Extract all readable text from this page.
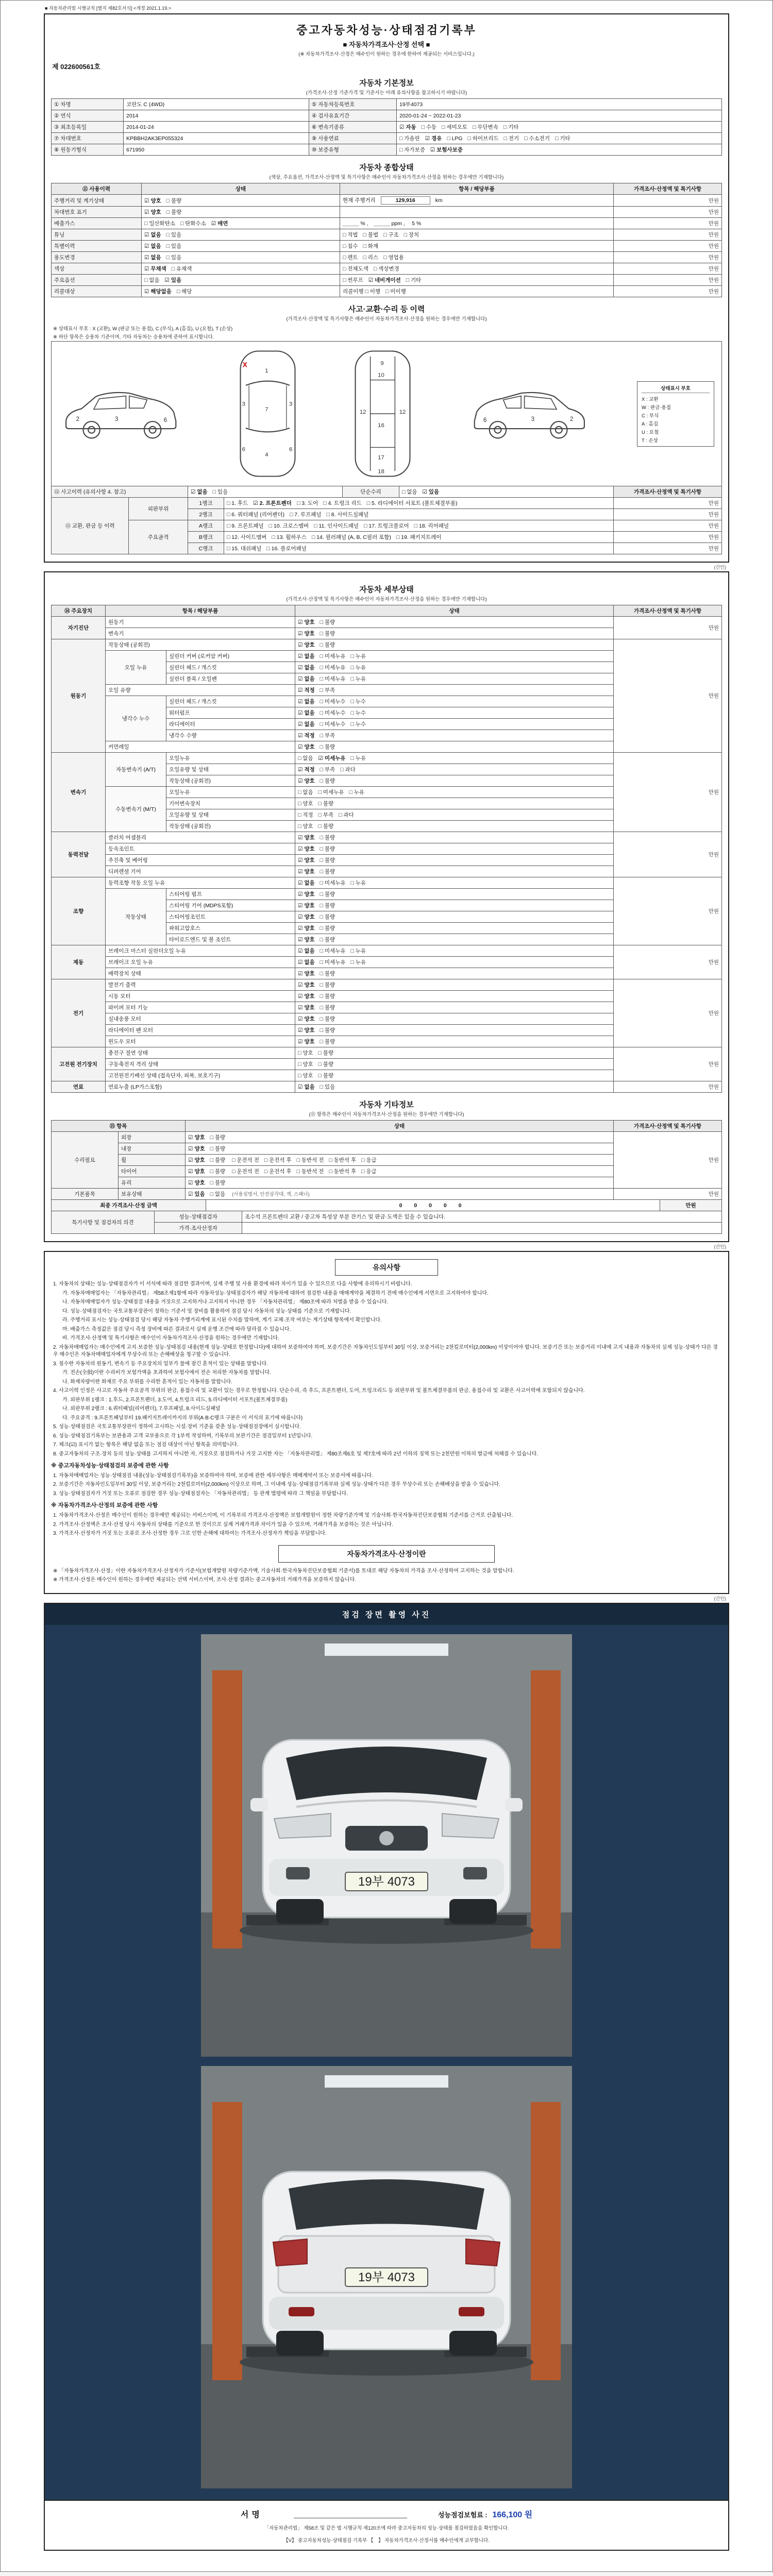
■ 자동차관리법 시행규칙 [별지 제82호서식] <개정 2021.1.19.>
중고자동차성능·상태점검기록부
■ 자동차가격조사·산정 선택 ■
(※ 자동차가격조사·산정은 매수인이 원하는 경우에 한하여 제공되는 서비스입니다.)
제 022600561호
자동차 기본정보
(가격조사·산정 기준가격 및 기준서는 아래 유의사항을 참고하시기 바랍니다)
① 차명	코란도 C (4WD)	⑤ 자동차등록번호	19부4073
② 연식	2014	④ 검사유효기간	2020-01-24 ~ 2022-01-23
③ 최초등록일	2014-01-24	⑥ 변속기종류	☑ 자동 □ 수동 □ 세미오토 □ 무단변속 □ 기타
⑦ 차대번호	KPBBH2AK3EP055324	⑨ 사용연료	□ 가솔린 ☑ 경유 □ LPG □ 하이브리드 □ 전기 □ 수소전기 □ 기타
⑧ 원동기형식	671950	⑩ 보증유형	□ 자가보증 ☑ 보험사보증
자동차 종합상태
(색상, 주요옵션, 가격조사·산정액 및 특기사항은 매수인이 자동차가격조사·산정을 원하는 경우에만 기재합니다)
⑪ 사용이력	상태	항목 / 해당부품	가격조사·산정액 및 특기사항
주행거리 및 계기상태	☑ 양호 □ 불량	현재 주행거리 129,916 km	만원
차대번호 표기	☑ 양호 □ 불량		만원
배출가스	□ 일산화탄소 □ 탄화수소 ☑ 매연	＿＿＿ % ,　＿＿＿ ppm ,　 5 %	만원
튜닝	☑ 없음 □ 있음	□ 적법 □ 불법 □ 구조 □ 장치	만원
특별이력	☑ 없음 □ 있음	□ 침수 □ 화재	만원
용도변경	☑ 없음 □ 있음	□ 렌트 □ 리스 □ 영업용	만원
색상	☑ 무채색 □ 유채색	□ 전체도색 □ 색상변경	만원
주요옵션	□ 없음 ☑ 있음	□ 썬루프 ☑ 네비게이션 □ 기타	만원
리콜대상	☑ 해당없음 □ 해당	리콜이행 □ 이행 □ 미이행	만원
사고·교환·수리 등 이력
(가격조사·산정액 및 특기사항은 매수인이 자동차가격조사·산정을 원하는 경우에만 기재합니다)
※ 상태표시 부호 : X (교환), W (판금 또는 용접), C (부식), A (흠집), U (요철), T (손상)
※ 하단 항목은 승용차 기준이며, 기타 자동차는 승용차에 준하여 표시합니다.
2	3	6
1
7
4
3	3
6	6
X	9
10
12	12
16
17
18
2
3
6
상태표시 부호
X : 교환
W : 판금·용접
C : 부식
A : 흠집
U : 요철
T : 손상
⑫ 사고이력 (유의사항 4. 참고)	☑ 없음 □ 있음	단순수리	□ 없음 ☑ 있음	가격조사·산정액 및 특기사항
⑬ 교환, 판금 등 이력	외판부위	1랭크	□ 1. 후드 ☑ 2. 프론트펜더 □ 3. 도어 □ 4. 트렁크 리드 □ 5. 라디에이터 서포트 (볼트체결부품)	만원
		2랭크	□ 6. 쿼터패널 (리어펜더) □ 7. 루프패널 □ 8. 사이드실패널	만원
	주요골격	A랭크	□ 9. 프론트패널 □ 10. 크로스멤버 □ 11. 인사이드패널 □ 17. 트렁크플로어 □ 18. 리어패널	만원
		B랭크	□ 12. 사이드멤버 □ 13. 휠하우스 □ 14. 필러패널 (A, B, C필러 포함) □ 19. 패키지트레이	만원
		C랭크	□ 15. 대쉬패널 □ 16. 플로어패널	만원
(간인)
자동차 세부상태
(가격조사·산정액 및 특기사항은 매수인이 자동차가격조사·산정을 원하는 경우에만 기재합니다)
⑭ 주요장치	항목 / 해당부품		상태	가격조사·산정액 및 특기사항
자기진단	원동기		☑ 양호 □ 불량	만원
	변속기		☑ 양호 □ 불량	
원동기	작동상태 (공회전)		☑ 양호 □ 불량	만원
	오일 누유	실린더 커버 (로커암 커버)	☑ 없음 □ 미세누유 □ 누유	
		실린더 헤드 / 개스킷	☑ 없음 □ 미세누유 □ 누유	
		실린더 블록 / 오일팬	☑ 없음 □ 미세누유 □ 누유	
	오일 유량		☑ 적정 □ 부족	
	냉각수 누수	실린더 헤드 / 개스킷	☑ 없음 □ 미세누수 □ 누수	
		워터펌프	☑ 없음 □ 미세누수 □ 누수	
		라디에이터	☑ 없음 □ 미세누수 □ 누수	
		냉각수 수량	☑ 적정 □ 부족	
	커먼레일		☑ 양호 □ 불량	
변속기	자동변속기 (A/T)	오일누유	□ 없음 ☑ 미세누유 □ 누유	만원
		오일유량 및 상태	☑ 적정 □ 부족 □ 과다	
		작동상태 (공회전)	☑ 양호 □ 불량	
	수동변속기 (M/T)	오일누유	□ 없음 □ 미세누유 □ 누유	
		기어변속장치	□ 양호 □ 불량	
		오일유량 및 상태	□ 적정 □ 부족 □ 과다	
		작동상태 (공회전)	□ 양호 □ 불량	
동력전달	클러치 어셈블리		☑ 양호 □ 불량	만원
	등속조인트		☑ 양호 □ 불량	
	추진축 및 베어링		☑ 양호 □ 불량	
	디퍼렌셜 기어		☑ 양호 □ 불량	
조향	동력조향 작동 오일 누유		☑ 없음 □ 미세누유 □ 누유	만원
	작동상태	스티어링 펌프	☑ 양호 □ 불량	
		스티어링 기어 (MDPS포함)	☑ 양호 □ 불량	
		스티어링조인트	☑ 양호 □ 불량	
		파워고압호스	☑ 양호 □ 불량	
		타이로드엔드 및 볼 조인트	☑ 양호 □ 불량	
제동	브레이크 마스터 실린더오일 누유		☑ 없음 □ 미세누유 □ 누유	만원
	브레이크 오일 누유		☑ 없음 □ 미세누유 □ 누유	
	배력장치 상태		☑ 양호 □ 불량	
전기	발전기 출력		☑ 양호 □ 불량	만원
	시동 모터		☑ 양호 □ 불량	
	와이퍼 모터 기능		☑ 양호 □ 불량	
	실내송풍 모터		☑ 양호 □ 불량	
	라디에이터 팬 모터		☑ 양호 □ 불량	
	윈도우 모터		☑ 양호 □ 불량	
고전원 전기장치	충전구 절연 상태		□ 양호 □ 불량	만원
	구동축전지 격리 상태		□ 양호 □ 불량	
	고전원전기배선 상태 (접속단자, 피복, 보호기구)		□ 양호 □ 불량	
연료	연료누출 (LP가스포함)		☑ 없음 □ 있음	만원
자동차 기타정보
(⑮ 항목은 매수인이 자동차가격조사·산정을 원하는 경우에만 기재합니다)
⑮ 항목		상태	가격조사·산정액 및 특기사항
수리필요	외장	☑ 양호 □ 불량	만원
	내장	☑ 양호 □ 불량	
	휠	☑ 양호 □ 불량 □ 운전석 전 □ 운전석 후 □ 동반석 전 □ 동반석 후 □ 응급	
	타이어	☑ 양호 □ 불량 □ 운전석 전 □ 운전석 후 □ 동반석 전 □ 동반석 후 □ 응급	
	유리	☑ 양호 □ 불량	
기본품목	보유상태	☑ 있음 □ 없음 (사용설명서, 안전삼각대, 잭, 스패너)	만원
최종 가격조사·산정 금액	0 0 0 0 0	만원
특기사항 및 점검자의 의견	성능·상태점검자	조수석 프론트펜더 교환 / 중고차 특성상 부분 잔기스 및 판금·도색은 있을 수 있습니다.
	가격·조사산정자	
(간인)
유의사항
1. 자동차의 상태는 성능·상태점검자가 이 서식에 따라 점검한 결과이며, 실제 주행 및 사용 환경에 따라 차이가 있을 수 있으므로 다음 사항에 유의하시기 바랍니다.
가. 자동차매매업자는 「자동차관리법」 제58조제1항에 따라 자동차성능·상태점검자가 해당 자동차에 대하여 점검한 내용을 매매계약을 체결하기 전에 매수인에게 서면으로 고지하여야 합니다.
나. 자동차매매업자가 성능·상태점검 내용을 거짓으로 고지하거나 고지하지 아니한 경우 「자동차관리법」 제80조에 따라 처벌을 받을 수 있습니다.
다. 성능·상태점검자는 국토교통부장관이 정하는 기준서 및 장비를 활용하여 점검 당시 자동차의 성능·상태를 기준으로 기재합니다.
라. 주행거리 표시는 성능·상태점검 당시 해당 자동차 주행거리계에 표시된 수치를 말하며, 계기 교체·조작 여부는 계기상태 항목에서 확인합니다.
마. 배출가스 측정값은 점검 당시 측정 장비에 따른 결과로서 실제 운행 조건에 따라 달라질 수 있습니다.
바. 가격조사·산정액 및 특기사항은 매수인이 자동차가격조사·산정을 원하는 경우에만 기재합니다.
2. 자동차매매업자는 매수인에게 고지·보증한 성능·상태점검 내용(현재 성능·상태로 한정합니다)에 대하여 보증하여야 하며, 보증기간은 자동차인도일부터 30일 이상, 보증거리는 2천킬로미터(2,000km) 이상이어야 합니다. 보증기간 또는 보증거리 이내에 고지 내용과 자동차의 실제 성능·상태가 다른 경우 매수인은 자동차매매업자에게 무상수리 또는 손해배상을 청구할 수 있습니다.
3. 침수란 자동차의 원동기, 변속기 등 주요장치의 일부가 물에 잠긴 흔적이 있는 상태를 말합니다.
가. 전손(全損)이란 수리비가 보험가액을 초과하여 보험사에서 전손 처리한 자동차를 말합니다.
나. 화재차량이란 화재로 주요 부위를 수리한 흔적이 있는 자동차를 말합니다.
4. 사고이력 인정은 사고로 자동차 주요골격 부위의 판금, 용접수리 및 교환이 있는 경우로 한정합니다. 단순수리, 즉 후드, 프론트펜더, 도어, 트렁크리드 등 외판부위 및 볼트체결부품의 판금, 용접수리 및 교환은 사고이력에 포함되지 않습니다.
가. 외판부위 1랭크 : 1.후드, 2.프론트펜더, 3.도어, 4.트렁크 리드, 5.라디에이터 서포트(볼트체결부품)
나. 외판부위 2랭크 : 6.쿼터패널(리어펜더), 7.루프패널, 8.사이드실패널
다. 주요골격 : 9.프론트패널부터 19.패키지트레이까지의 부위(A·B·C랭크 구분은 이 서식의 표기에 따릅니다)
5. 성능·상태점검은 국토교통부장관이 정하여 고시하는 시설·장비 기준을 갖춘 성능·상태점검장에서 실시합니다.
6. 성능·상태점검기록부는 보관용과 고객 교부용으로 각 1부씩 작성하며, 기록부의 보관기간은 점검일부터 1년입니다.
7. 체크(☑) 표시가 없는 항목은 해당 없음 또는 점검 대상이 아닌 항목을 의미합니다.
8. 중고자동차의 구조·장치 등의 성능·상태를 고지하지 아니한 자, 거짓으로 점검하거나 거짓 고지한 자는 「자동차관리법」 제80조제6호 및 제7호에 따라 2년 이하의 징역 또는 2천만원 이하의 벌금에 처해질 수 있습니다.
※ 중고자동차성능·상태점검의 보증에 관한 사항
1. 자동차매매업자는 성능·상태점검 내용(성능·상태점검기록부)을 보증하여야 하며, 보증에 관한 세부사항은 매매계약서 또는 보증서에 따릅니다.
2. 보증기간은 자동차인도일부터 30일 이상, 보증거리는 2천킬로미터(2,000km) 이상으로 하며, 그 이내에 성능·상태점검기록부와 실제 성능·상태가 다른 경우 무상수리 또는 손해배상을 받을 수 있습니다.
3. 성능·상태점검자가 거짓 또는 오류로 점검한 경우 성능·상태점검자는 「자동차관리법」 등 관계 법령에 따라 그 책임을 부담합니다.
※ 자동차가격조사·산정의 보증에 관한 사항
1. 자동차가격조사·산정은 매수인이 원하는 경우에만 제공되는 서비스이며, 이 기록부의 가격조사·산정액은 보험개발원이 정한 차량기준가액 및 기술사회·한국자동차진단보증협회 기준서를 근거로 산출됩니다.
2. 가격조사·산정액은 조사·산정 당시 자동차의 상태를 기준으로 한 것이므로 실제 거래가격과 차이가 있을 수 있으며, 거래가격을 보증하는 것은 아닙니다.
3. 가격조사·산정자가 거짓 또는 오류로 조사·산정한 경우 그로 인한 손해에 대하여는 가격조사·산정자가 책임을 부담합니다.
자동차가격조사·산정이란
※ 「자동차가격조사·산정」이란 자동차가격조사·산정자가 기준서(보험개발원 차량기준가액, 기술사회·한국자동차진단보증협회 기준서)를 토대로 해당 자동차의 가격을 조사·산정하여 고지하는 것을 말합니다.
※ 가격조사·산정은 매수인이 원하는 경우에만 제공되는 선택 서비스이며, 조사·산정 결과는 중고자동차의 거래가격을 보증하지 않습니다.
(간인)
점검 장면 촬영 사진
19부 4073
19부 4073
서명	성능점검보험료 : 166,100 원
「자동차관리법」 제58조 및 같은 법 시행규칙 제120조에 따라 중고자동차의 성능·상태를 점검하였음을 확인합니다.
【V】 중고자동차성능·상태점검 기록부 【　】 자동차가격조사·산정서를 매수인에게 교부합니다.
